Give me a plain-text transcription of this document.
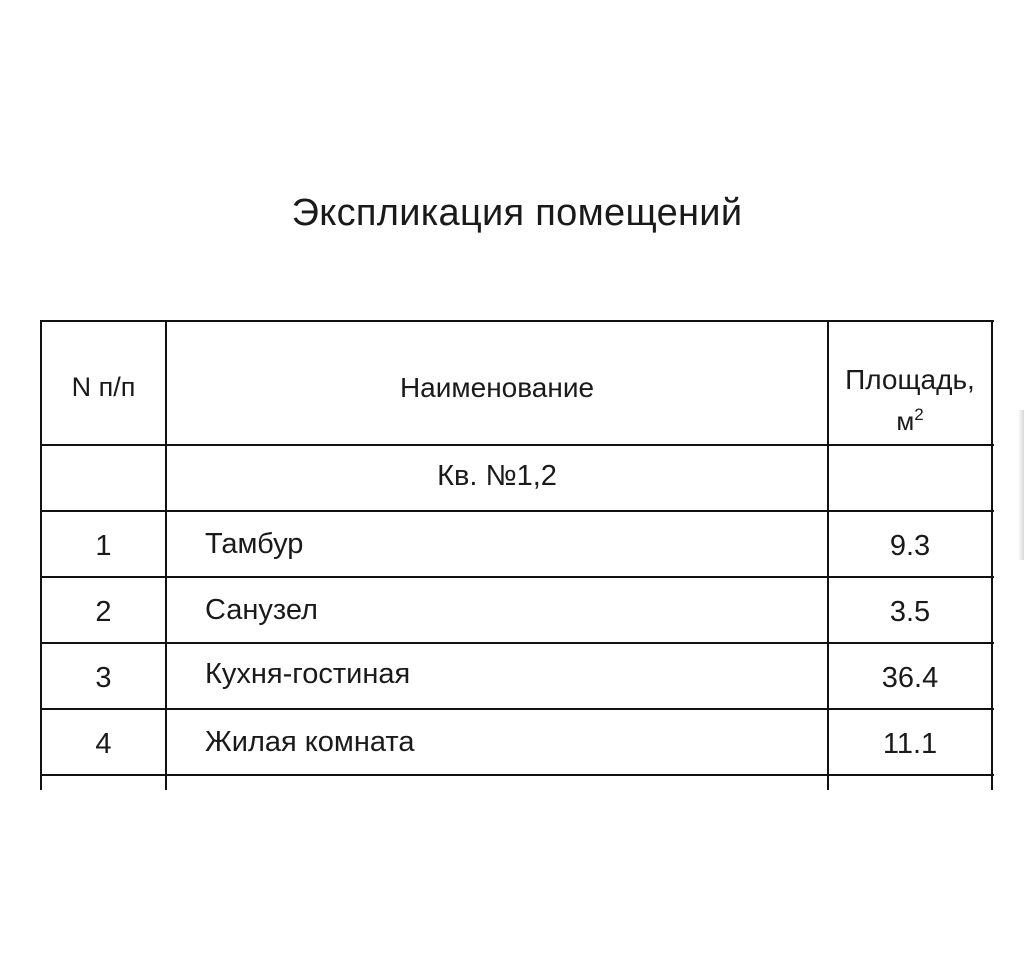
Экспликация помещений
N п/п	Наименование	Площадь,
$м^2$
Кв. №1,2
1	Тамбур	9.3
2	Санузел	3.5
3	Кухня-гостиная	36.4
4	Жилая комната	11.1
